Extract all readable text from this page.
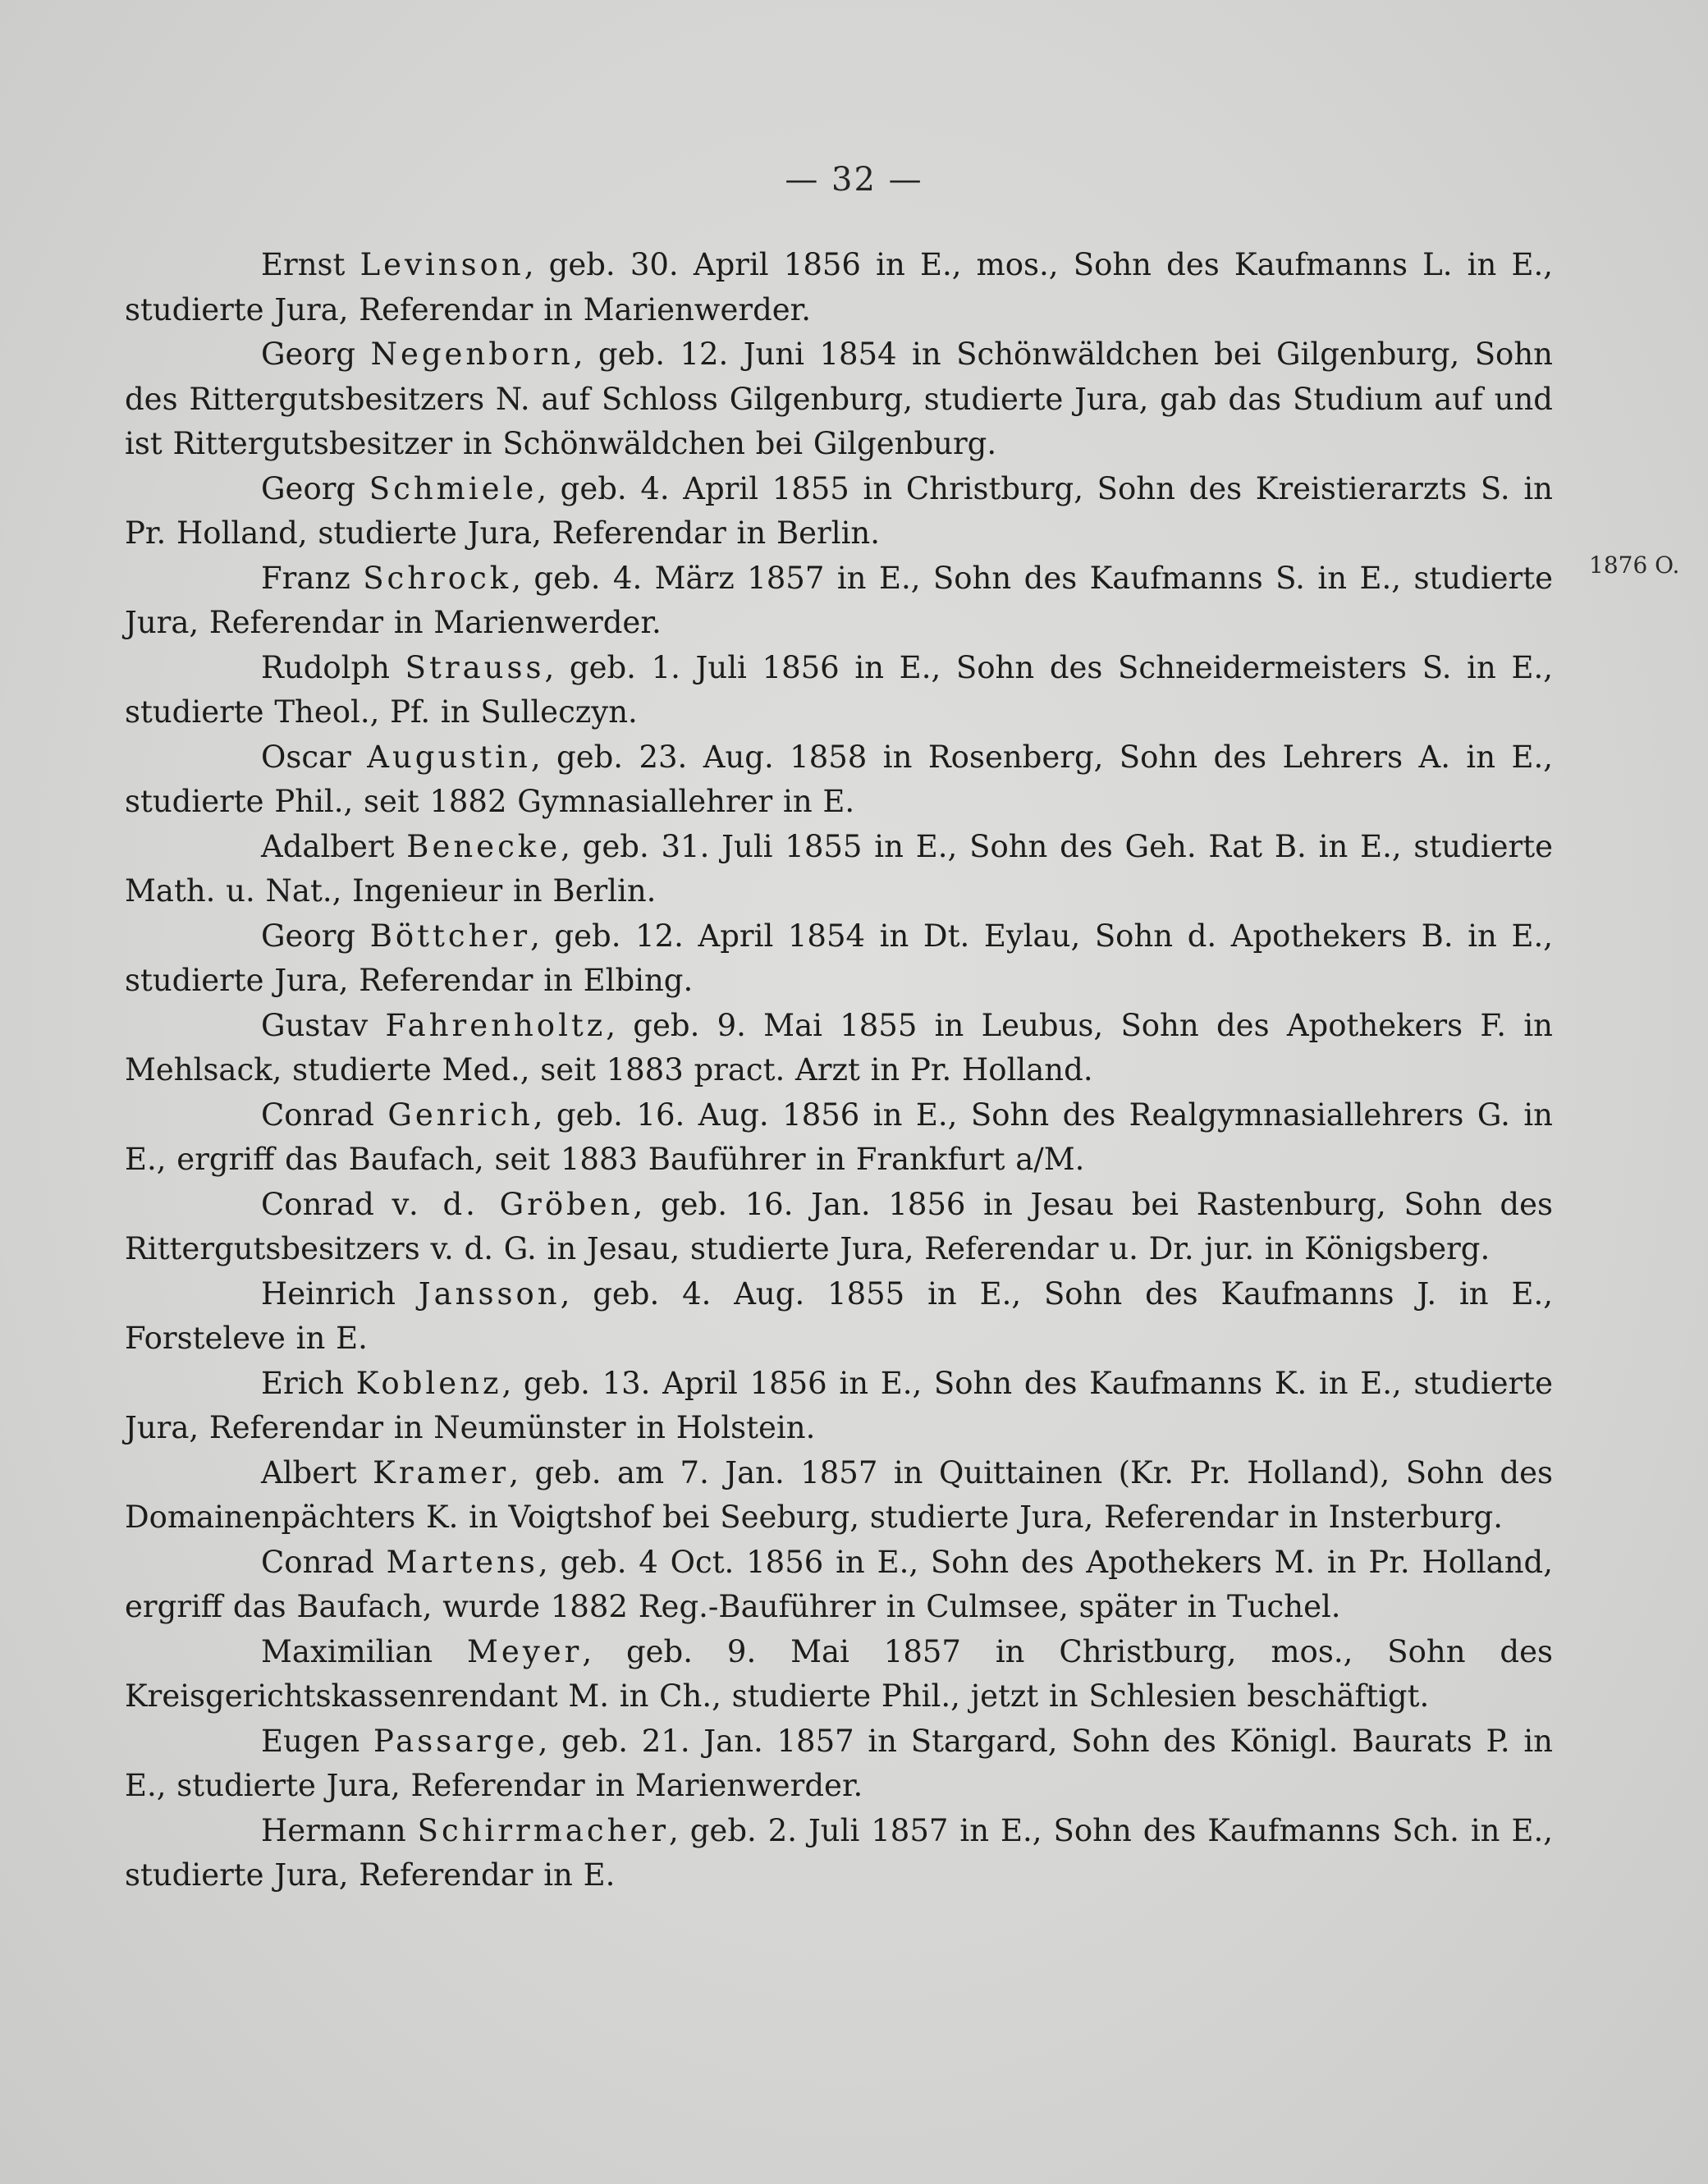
— 32 —
1876 O.

Ernst Levinson, geb. 30. April 1856 in E., mos., Sohn des Kaufmanns L. in E., studierte Jura, Referendar in Marienwerder.

Georg Negenborn, geb. 12. Juni 1854 in Schönwäldchen bei Gilgenburg, Sohn des Rittergutsbesitzers N. auf Schloss Gilgenburg, studierte Jura, gab das Studium auf und ist Rittergutsbesitzer in Schönwäldchen bei Gilgenburg.

Georg Schmiele, geb. 4. April 1855 in Christburg, Sohn des Kreistierarzts S. in Pr. Holland, studierte Jura, Referendar in Berlin.

Franz Schrock, geb. 4. März 1857 in E., Sohn des Kaufmanns S. in E., studierte Jura, Referendar in Marienwerder.

Rudolph Strauss, geb. 1. Juli 1856 in E., Sohn des Schneidermeisters S. in E., studierte Theol., Pf. in Sulleczyn.

Oscar Augustin, geb. 23. Aug. 1858 in Rosenberg, Sohn des Lehrers A. in E., studierte Phil., seit 1882 Gymnasiallehrer in E.

Adalbert Benecke, geb. 31. Juli 1855 in E., Sohn des Geh. Rat B. in E., studierte Math. u. Nat., Ingenieur in Berlin.

Georg Böttcher, geb. 12. April 1854 in Dt. Eylau, Sohn d. Apothekers B. in E., studierte Jura, Referendar in Elbing.

Gustav Fahrenholtz, geb. 9. Mai 1855 in Leubus, Sohn des Apothekers F. in Mehlsack, studierte Med., seit 1883 pract. Arzt in Pr. Holland.

Conrad Genrich, geb. 16. Aug. 1856 in E., Sohn des Realgymnasiallehrers G. in E., ergriff das Baufach, seit 1883 Bauführer in Frankfurt a/M.

Conrad v. d. Gröben, geb. 16. Jan. 1856 in Jesau bei Rastenburg, Sohn des Rittergutsbesitzers v. d. G. in Jesau, studierte Jura, Referendar u. Dr. jur. in Königsberg.

Heinrich Jansson, geb. 4. Aug. 1855 in E., Sohn des Kaufmanns J. in E., Forsteleve in E.

Erich Koblenz, geb. 13. April 1856 in E., Sohn des Kaufmanns K. in E., studierte Jura, Referendar in Neumünster in Holstein.

Albert Kramer, geb. am 7. Jan. 1857 in Quittainen (Kr. Pr. Holland), Sohn des Domainenpächters K. in Voigtshof bei Seeburg, studierte Jura, Referendar in Insterburg.

Conrad Martens, geb. 4 Oct. 1856 in E., Sohn des Apothekers M. in Pr. Holland, ergriff das Baufach, wurde 1882 Reg.-Bauführer in Culmsee, später in Tuchel.

Maximilian Meyer, geb. 9. Mai 1857 in Christburg, mos., Sohn des Kreisgerichtskassenrendant M. in Ch., studierte Phil., jetzt in Schlesien beschäftigt.

Eugen Passarge, geb. 21. Jan. 1857 in Stargard, Sohn des Königl. Baurats P. in E., studierte Jura, Referendar in Marienwerder.

Hermann Schirrmacher, geb. 2. Juli 1857 in E., Sohn des Kaufmanns Sch. in E., studierte Jura, Referendar in E.
